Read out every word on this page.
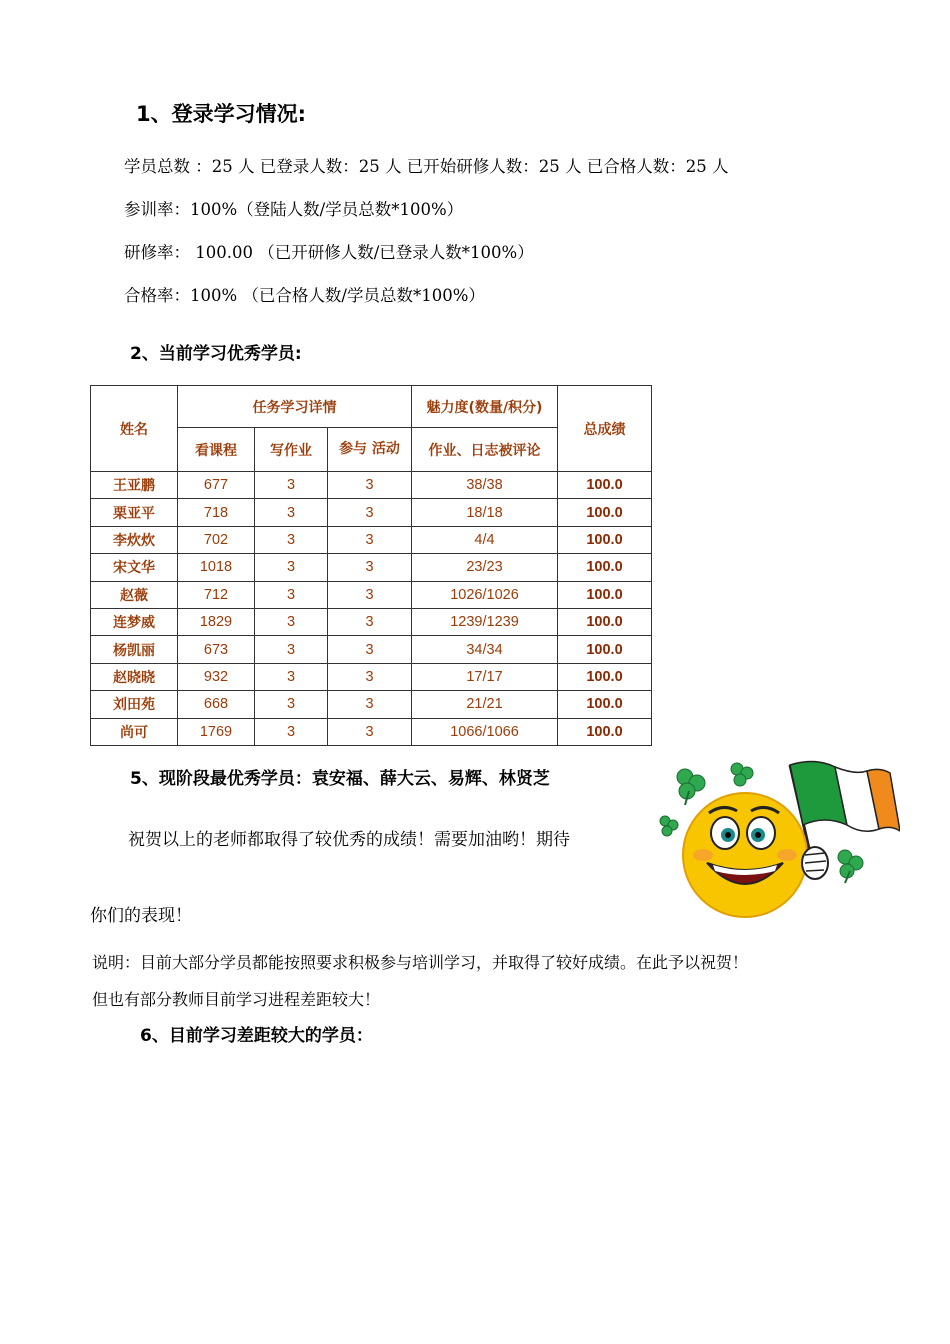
1、登录学习情况:
学员总数 ：25 人 已登录人数：25 人 已开始研修人数：25 人 已合格人数：25 人
参训率：100%（登陆人数/学员总数*100%）
研修率： 100.00 （已开研修人数/已登录人数*100%）
合格率：100% （已合格人数/学员总数*100%）
2、当前学习优秀学员:
姓名	任务学习详情			魅力度(数量/积分)	总成绩
	看课程	写作业	参与 活动	作业、日志被评论	
王亚鹏	677	3	3	38/38	100.0
栗亚平	718	3	3	18/18	100.0
李炊炊	702	3	3	4/4	100.0
宋文华	1018	3	3	23/23	100.0
赵薇	712	3	3	1026/1026	100.0
连梦威	1829	3	3	1239/1239	100.0
杨凯丽	673	3	3	34/34	100.0
赵晓晓	932	3	3	17/17	100.0
刘田苑	668	3	3	21/21	100.0
尚可	1769	3	3	1066/1066	100.0
5、现阶段最优秀学员：袁安福、薛大云、易辉、林贤芝
祝贺以上的老师都取得了较优秀的成绩！需要加油哟！期待
你们的表现！
说明：目前大部分学员都能按照要求积极参与培训学习，并取得了较好成绩。在此予以祝贺！
但也有部分教师目前学习进程差距较大！
6、目前学习差距较大的学员：
